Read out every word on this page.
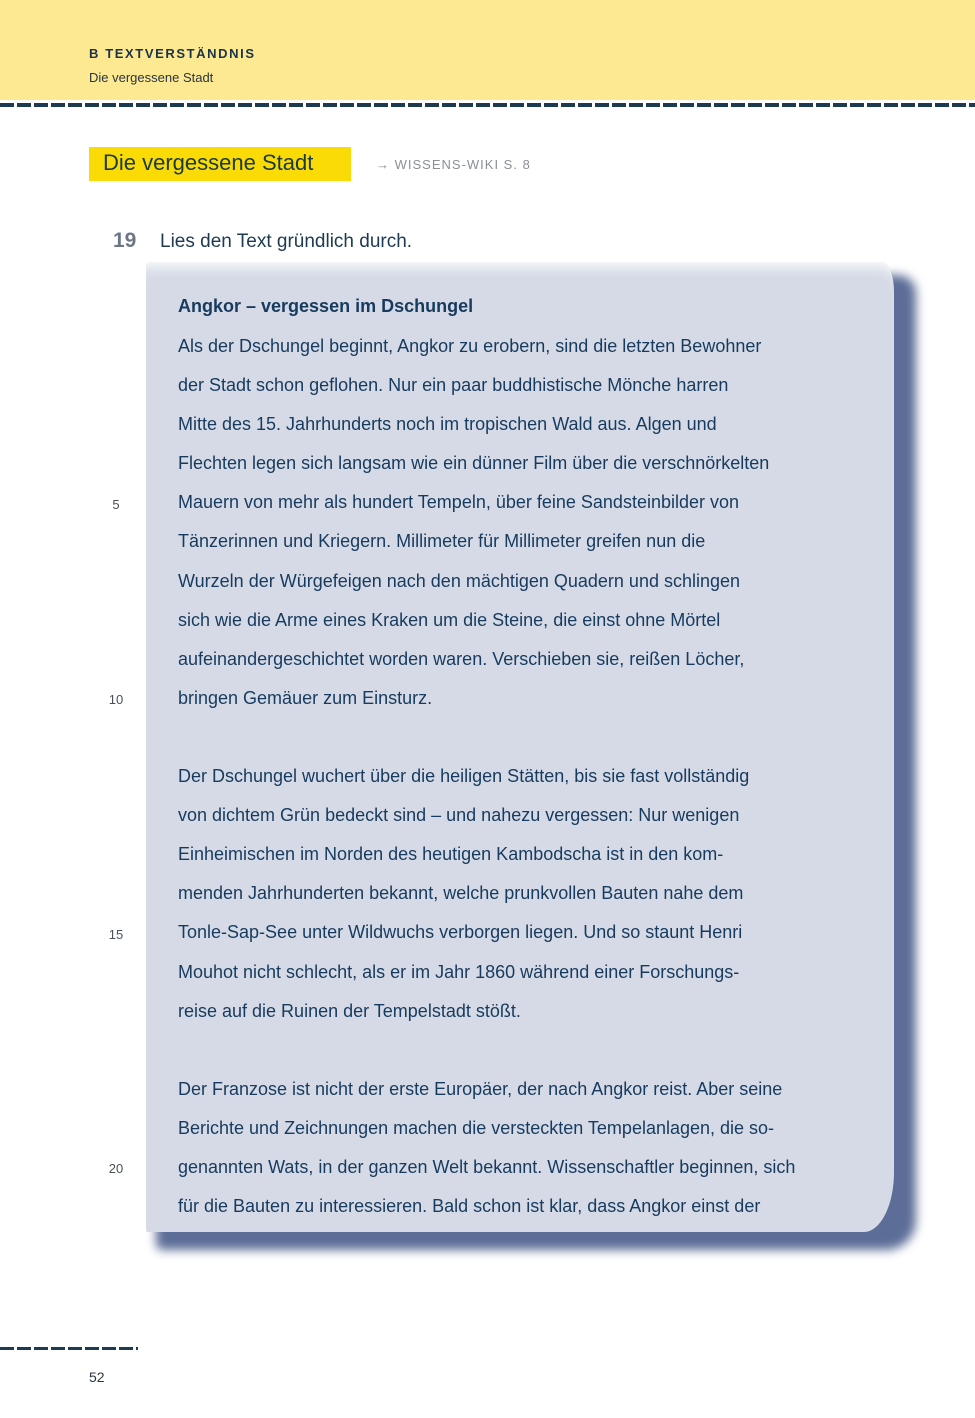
B TEXTVERSTÄNDNIS
Die vergessene Stadt
Die vergessene Stadt	→ WISSENS-WIKI S. 8
19 Lies den Text gründlich durch.
Angkor – vergessen im Dschungel
Als der Dschungel beginnt, Angkor zu erobern, sind die letzten Bewohner
der Stadt schon geflohen. Nur ein paar buddhistische Mönche harren
Mitte des 15. Jahrhunderts noch im tropischen Wald aus. Algen und
Flechten legen sich langsam wie ein dünner Film über die verschnörkelten
Mauern von mehr als hundert Tempeln, über feine Sandsteinbilder von
Tänzerinnen und Kriegern. Millimeter für Millimeter greifen nun die
Wurzeln der Würgefeigen nach den mächtigen Quadern und schlingen
sich wie die Arme eines Kraken um die Steine, die einst ohne Mörtel
aufeinandergeschichtet worden waren. Verschieben sie, reißen Löcher,
bringen Gemäuer zum Einsturz.
Der Dschungel wuchert über die heiligen Stätten, bis sie fast vollständig
von dichtem Grün bedeckt sind – und nahezu vergessen: Nur wenigen
Einheimischen im Norden des heutigen Kambodscha ist in den kom-
menden Jahrhunderten bekannt, welche prunkvollen Bauten nahe dem
Tonle-Sap-See unter Wildwuchs verborgen liegen. Und so staunt Henri
Mouhot nicht schlecht, als er im Jahr 1860 während einer Forschungs-
reise auf die Ruinen der Tempelstadt stößt.
Der Franzose ist nicht der erste Europäer, der nach Angkor reist. Aber seine
Berichte und Zeichnungen machen die versteckten Tempelanlagen, die so-
genannten Wats, in der ganzen Welt bekannt. Wissenschaftler beginnen, sich
für die Bauten zu interessieren. Bald schon ist klar, dass Angkor einst der
5
10
15
20
52
